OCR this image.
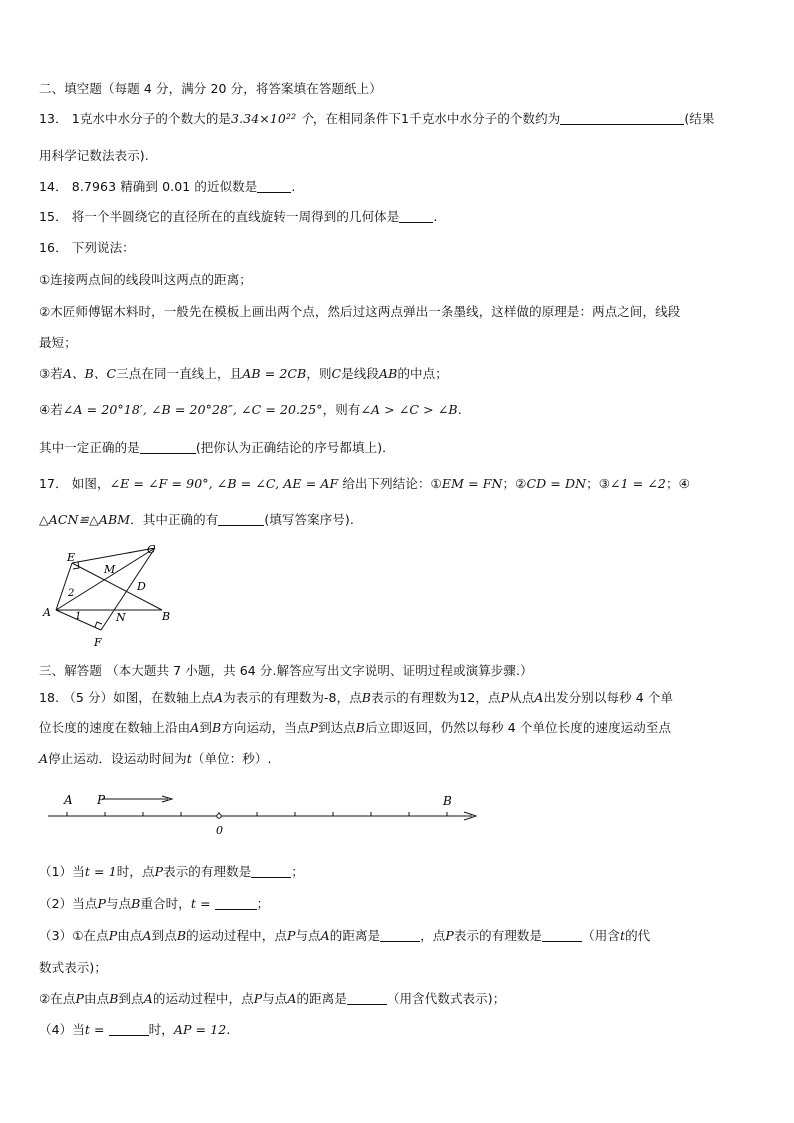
二、填空题（每题 4 分，满分 20 分，将答案填在答题纸上）
13． 1克水中水分子的个数大的是3.34×10²² 个，在相同条件下1千克水中水分子的个数约为	(结果
用科学记数法表示).
14． 8.7963 精确到 0.01 的近似数是	.
15． 将一个半圆绕它的直径所在的直线旋转一周得到的几何体是	.
16． 下列说法：
①连接两点间的线段叫这两点的距离；
②木匠师傅锯木料时，一般先在模板上画出两个点，然后过这两点弹出一条墨线，这样做的原理是：两点之间，线段
最短；
③若A、B、C三点在同一直线上，且AB = 2CB，则C是线段AB的中点；
④若∠A = 20°18′, ∠B = 20°28″, ∠C = 20.25°，则有∠A > ∠C > ∠B.
其中一定正确的是	(把你认为正确结论的序号都填上)．
17． 如图，∠E = ∠F = 90°, ∠B = ∠C, AE = AF 给出下列结论：①EM = FN；②CD = DN；③∠1 = ∠2；④
△ACN≌△ABM．其中正确的有	(填写答案序号).
E
M
C
D
2
A 1	N	B
F
三、解答题 （本大题共 7 小题，共 64 分.解答应写出文字说明、证明过程或演算步骤.）
18. （5 分）如图，在数轴上点A为表示的有理数为-8，点B表示的有理数为12，点P从点A出发分别以每秒 4 个单
位长度的速度在数轴上沿由A到B方向运动，当点P到达点B后立即返回，仍然以每秒 4 个单位长度的速度运动至点
A停止运动．设运动时间为t（单位：秒）.
A P	B
0
（1）当t = 1时，点P表示的有理数是	；
（2）当点P与点B重合时，t =	；
（3）①在点P由点A到点B的运动过程中，点P与点A的距离是	，点P表示的有理数是	（用含t的代
数式表示)；
②在点P由点B到点A的运动过程中，点P与点A的距离是	（用含代数式表示)；
（4）当t =	时，AP = 12.
